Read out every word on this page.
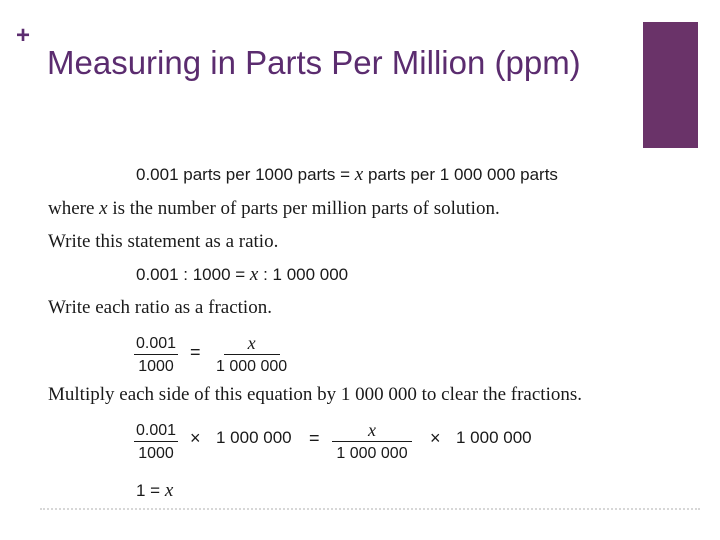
+
Measuring in Parts Per Million (ppm)
0.001 parts per 1000 parts = x parts per 1 000 000 parts
where x is the number of parts per million parts of solution.
Write this statement as a ratio.
0.001 : 1000 = x : 1 000 000
Write each ratio as a fraction.
$\frac{0.001}{1000} = \frac{x}{1 000 000}$
Multiply each side of this equation by 1 000 000 to clear the fractions.
$\frac{0.001}{1000} \times 1$ 000 $000 = \frac{x}{1 000 000} \times 1$ 000 000
1 = x
